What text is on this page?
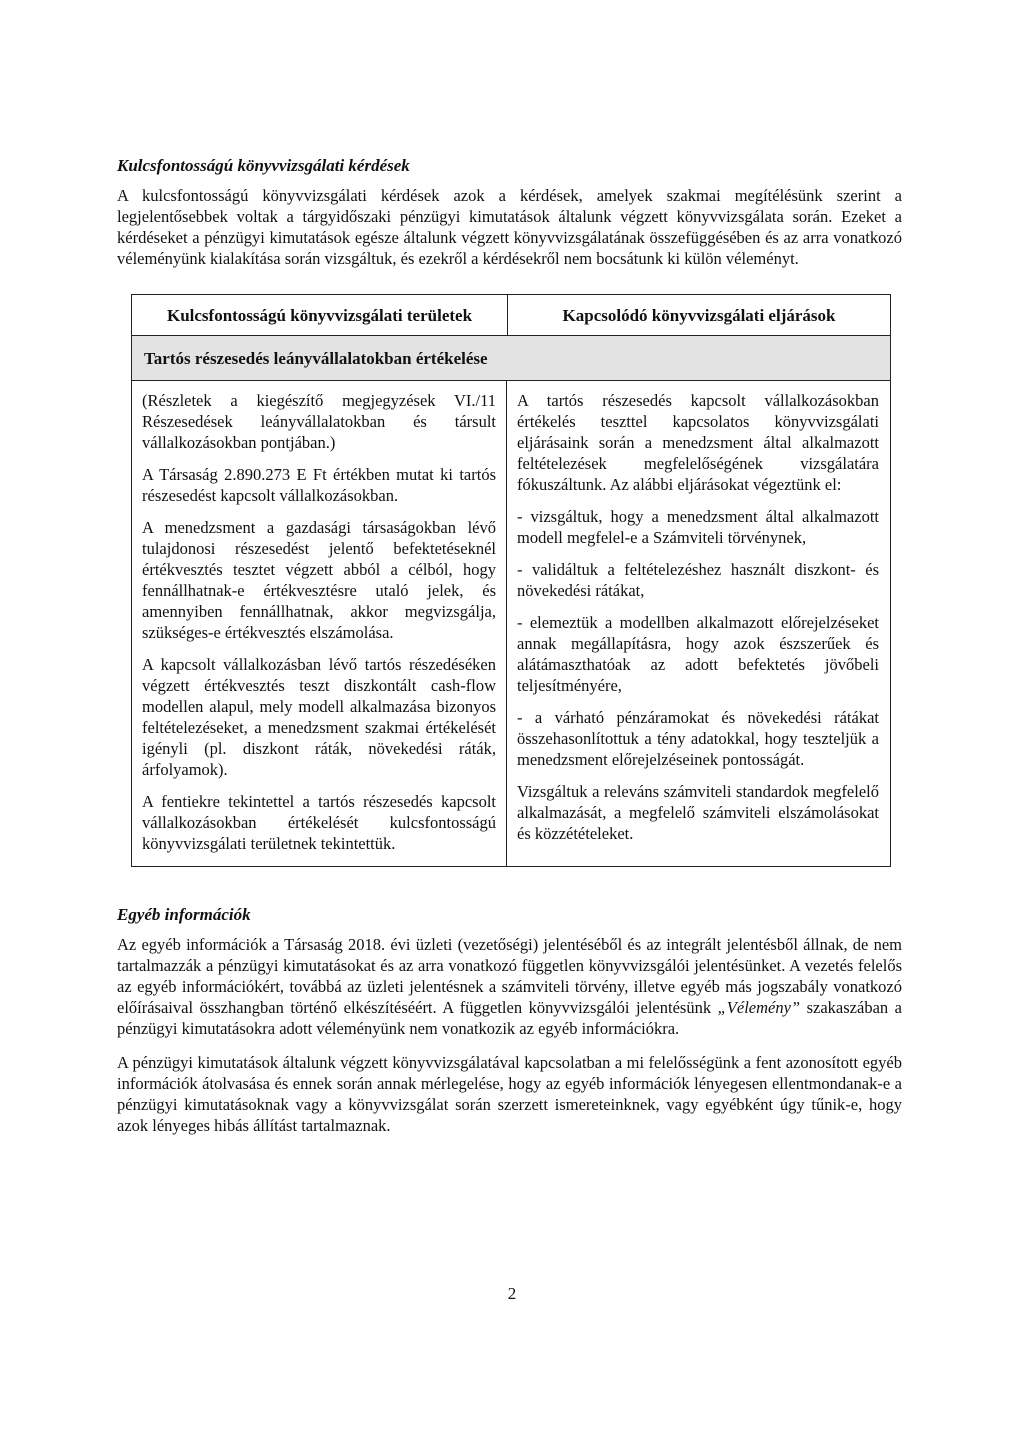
Kulcsfontosságú könyvvizsgálati kérdések

A kulcsfontosságú könyvvizsgálati kérdések azok a kérdések, amelyek szakmai megítélésünk szerint a legjelentősebbek voltak a tárgyidőszaki pénzügyi kimutatások általunk végzett könyvvizsgálata során. Ezeket a kérdéseket a pénzügyi kimutatások egésze általunk végzett könyvvizsgálatának összefüggésében és az arra vonatkozó véleményünk kialakítása során vizsgáltuk, és ezekről a kérdésekről nem bocsátunk ki külön véleményt.

Kulcsfontosságú könyvvizsgálati területek	Kapcsolódó könyvvizsgálati eljárások
Tartós részesedés leányvállalatokban értékelése

(Részletek a kiegészítő megjegyzések VI./11 Részesedések leányvállalatokban és társult vállalkozásokban pontjában.)

A Társaság 2.890.273 E Ft értékben mutat ki tartós részesedést kapcsolt vállalkozásokban.

A menedzsment a gazdasági társaságokban lévő tulajdonosi részesedést jelentő befektetéseknél értékvesztés tesztet végzett abból a célból, hogy fennállhatnak-e értékvesztésre utaló jelek, és amennyiben fennállhatnak, akkor megvizsgálja, szükséges-e értékvesztés elszámolása.

A kapcsolt vállalkozásban lévő tartós részedéséken végzett értékvesztés teszt diszkontált cash-flow modellen alapul, mely modell alkalmazása bizonyos feltételezéseket, a menedzsment szakmai értékelését igényli (pl. diszkont ráták, növekedési ráták, árfolyamok).

A fentiekre tekintettel a tartós részesedés kapcsolt vállalkozásokban értékelését kulcsfontosságú könyvvizsgálati területnek tekintettük.

A tartós részesedés kapcsolt vállalkozásokban értékelés teszttel kapcsolatos könyvvizsgálati eljárásaink során a menedzsment által alkalmazott feltételezések megfelelőségének vizsgálatára fókuszáltunk. Az alábbi eljárásokat végeztünk el:

- vizsgáltuk, hogy a menedzsment által alkalmazott modell megfelel-e a Számviteli törvénynek,

- validáltuk a feltételezéshez használt diszkont- és növekedési rátákat,

- elemeztük a modellben alkalmazott előrejelzéseket annak megállapításra, hogy azok észszerűek és alátámaszthatóak az adott befektetés jövőbeli teljesítményére,

- a várható pénzáramokat és növekedési rátákat összehasonlítottuk a tény adatokkal, hogy teszteljük a menedzsment előrejelzéseinek pontosságát.

Vizsgáltuk a releváns számviteli standardok megfelelő alkalmazását, a megfelelő számviteli elszámolásokat és közzétételeket.

Egyéb információk

Az egyéb információk a Társaság 2018. évi üzleti (vezetőségi) jelentéséből és az integrált jelentésből állnak, de nem tartalmazzák a pénzügyi kimutatásokat és az arra vonatkozó független könyvvizsgálói jelentésünket. A vezetés felelős az egyéb információkért, továbbá az üzleti jelentésnek a számviteli törvény, illetve egyéb más jogszabály vonatkozó előírásaival összhangban történő elkészítéséért. A független könyvvizsgálói jelentésünk „Vélemény” szakaszában a pénzügyi kimutatásokra adott véleményünk nem vonatkozik az egyéb információkra.

A pénzügyi kimutatások általunk végzett könyvvizsgálatával kapcsolatban a mi felelősségünk a fent azonosított egyéb információk átolvasása és ennek során annak mérlegelése, hogy az egyéb információk lényegesen ellentmondanak-e a pénzügyi kimutatásoknak vagy a könyvvizsgálat során szerzett ismereteinknek, vagy egyébként úgy tűnik-e, hogy azok lényeges hibás állítást tartalmaznak.

2
